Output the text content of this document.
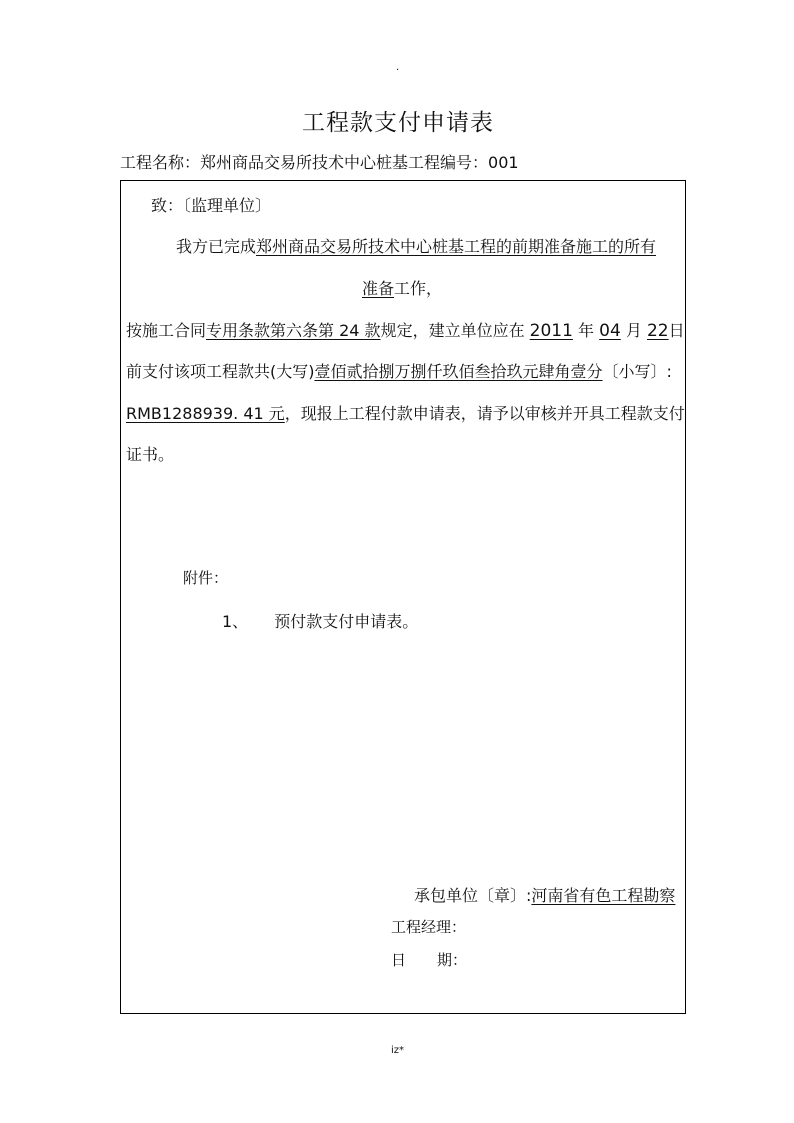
.
工程款支付申请表
工程名称：郑州商品交易所技术中心桩基工程编号：001
致：〔监理单位〕
我方已完成郑州商品交易所技术中心桩基工程的前期准备施工的所有
准备工作，
按施工合同专用条款第六条第 24 款规定，建立单位应在 2011 年 04 月 22日
前支付该项工程款共(大写)壹佰贰拾捌万捌仟玖佰叁拾玖元肆角壹分〔小写〕:
RMB1288939. 41 元，现报上工程付款申请表，请予以审核并开具工程款支付
证书。
附件：
1、 预付款支付申请表。
承包单位〔章〕:河南省有色工程勘察
工程经理：
日 期：
iz*
